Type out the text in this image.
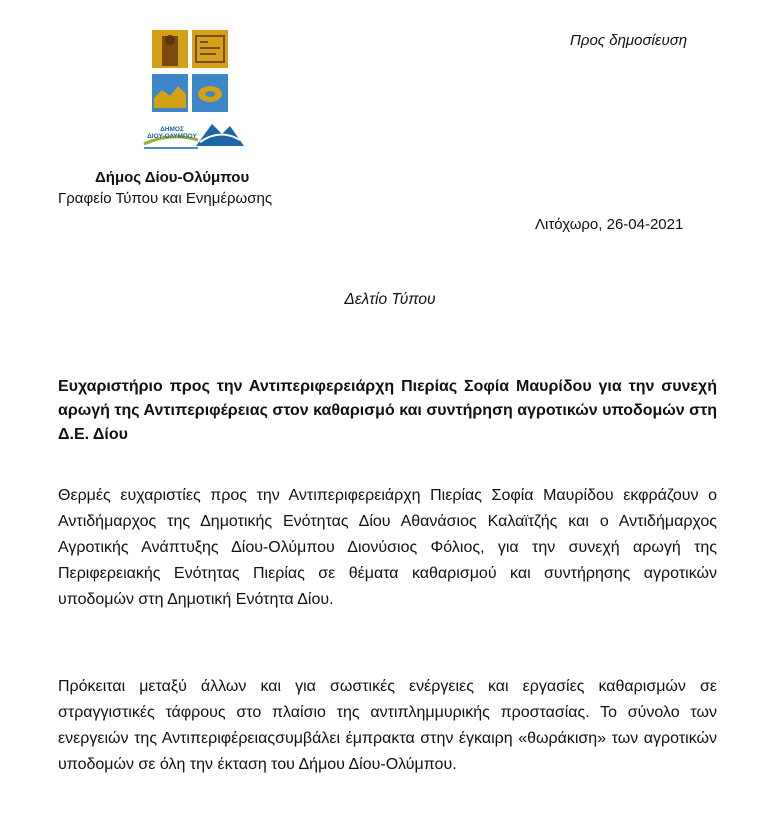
ΔΗΜΟΣ
ΔΙΟΥ-ΟΛΥΜΠΟΥ
Προς δημοσίευση
Δήμος Δίου-Ολύμπου
Γραφείο Τύπου και Ενημέρωσης
Λιτόχωρο, 26-04-2021
Δελτίο Τύπου
Ευχαριστήριο προς την Αντιπεριφερειάρχη Πιερίας Σοφία Μαυρίδου για την συνεχή αρωγή της Αντιπεριφέρειας στον καθαρισμό και συντήρηση αγροτικών υποδομών στη Δ.Ε. Δίου
Θερμές ευχαριστίες προς την Αντιπεριφερειάρχη Πιερίας Σοφία Μαυρίδου εκφράζουν ο Αντιδήμαρχος της Δημοτικής Ενότητας Δίου Αθανάσιος Καλαϊτζής και ο Αντιδήμαρχος Αγροτικής Ανάπτυξης Δίου-Ολύμπου Διονύσιος Φόλιος, για την συνεχή αρωγή της Περιφερειακής Ενότητας Πιερίας σε θέματα καθαρισμού και συντήρησης αγροτικών υποδομών στη Δημοτική Ενότητα Δίου.
Πρόκειται μεταξύ άλλων και για σωστικές ενέργειες και εργασίες καθαρισμών σε στραγγιστικές τάφρους στο πλαίσιο της αντιπλημμυρικής προστασίας. Το σύνολο των ενεργειών της Αντιπεριφέρειαςσυμβάλει έμπρακτα στην έγκαιρη «θωράκιση» των αγροτικών υποδομών σε όλη την έκταση του Δήμου Δίου-Ολύμπου.
